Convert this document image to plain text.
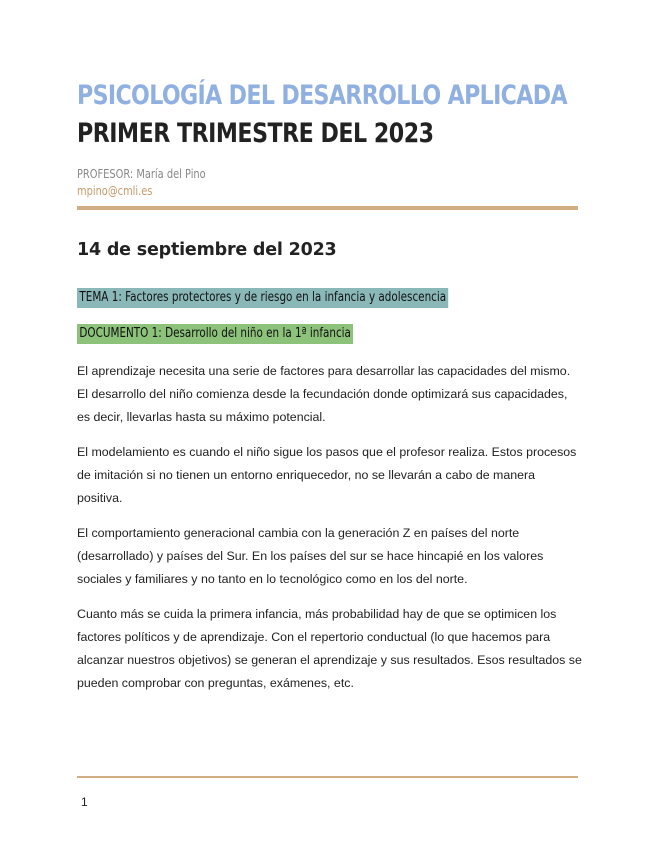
PSICOLOGÍA DEL DESARROLLO APLICADA
PRIMER TRIMESTRE DEL 2023
PROFESOR: María del Pino
mpino@cmli.es
14 de septiembre del 2023
TEMA 1: Factores protectores y de riesgo en la infancia y adolescencia
DOCUMENTO 1: Desarrollo del niño en la 1ª infancia

El aprendizaje necesita una serie de factores para desarrollar las capacidades del mismo. El desarrollo del niño comienza desde la fecundación donde optimizará sus capacidades, es decir, llevarlas hasta su máximo potencial.

El modelamiento es cuando el niño sigue los pasos que el profesor realiza. Estos procesos de imitación si no tienen un entorno enriquecedor, no se llevarán a cabo de manera positiva.

El comportamiento generacional cambia con la generación Z en países del norte (desarrollado) y países del Sur. En los países del sur se hace hincapié en los valores sociales y familiares y no tanto en lo tecnológico como en los del norte.

Cuanto más se cuida la primera infancia, más probabilidad hay de que se optimicen los factores políticos y de aprendizaje. Con el repertorio conductual (lo que hacemos para alcanzar nuestros objetivos) se generan el aprendizaje y sus resultados. Esos resultados se pueden comprobar con preguntas, exámenes, etc.

1
